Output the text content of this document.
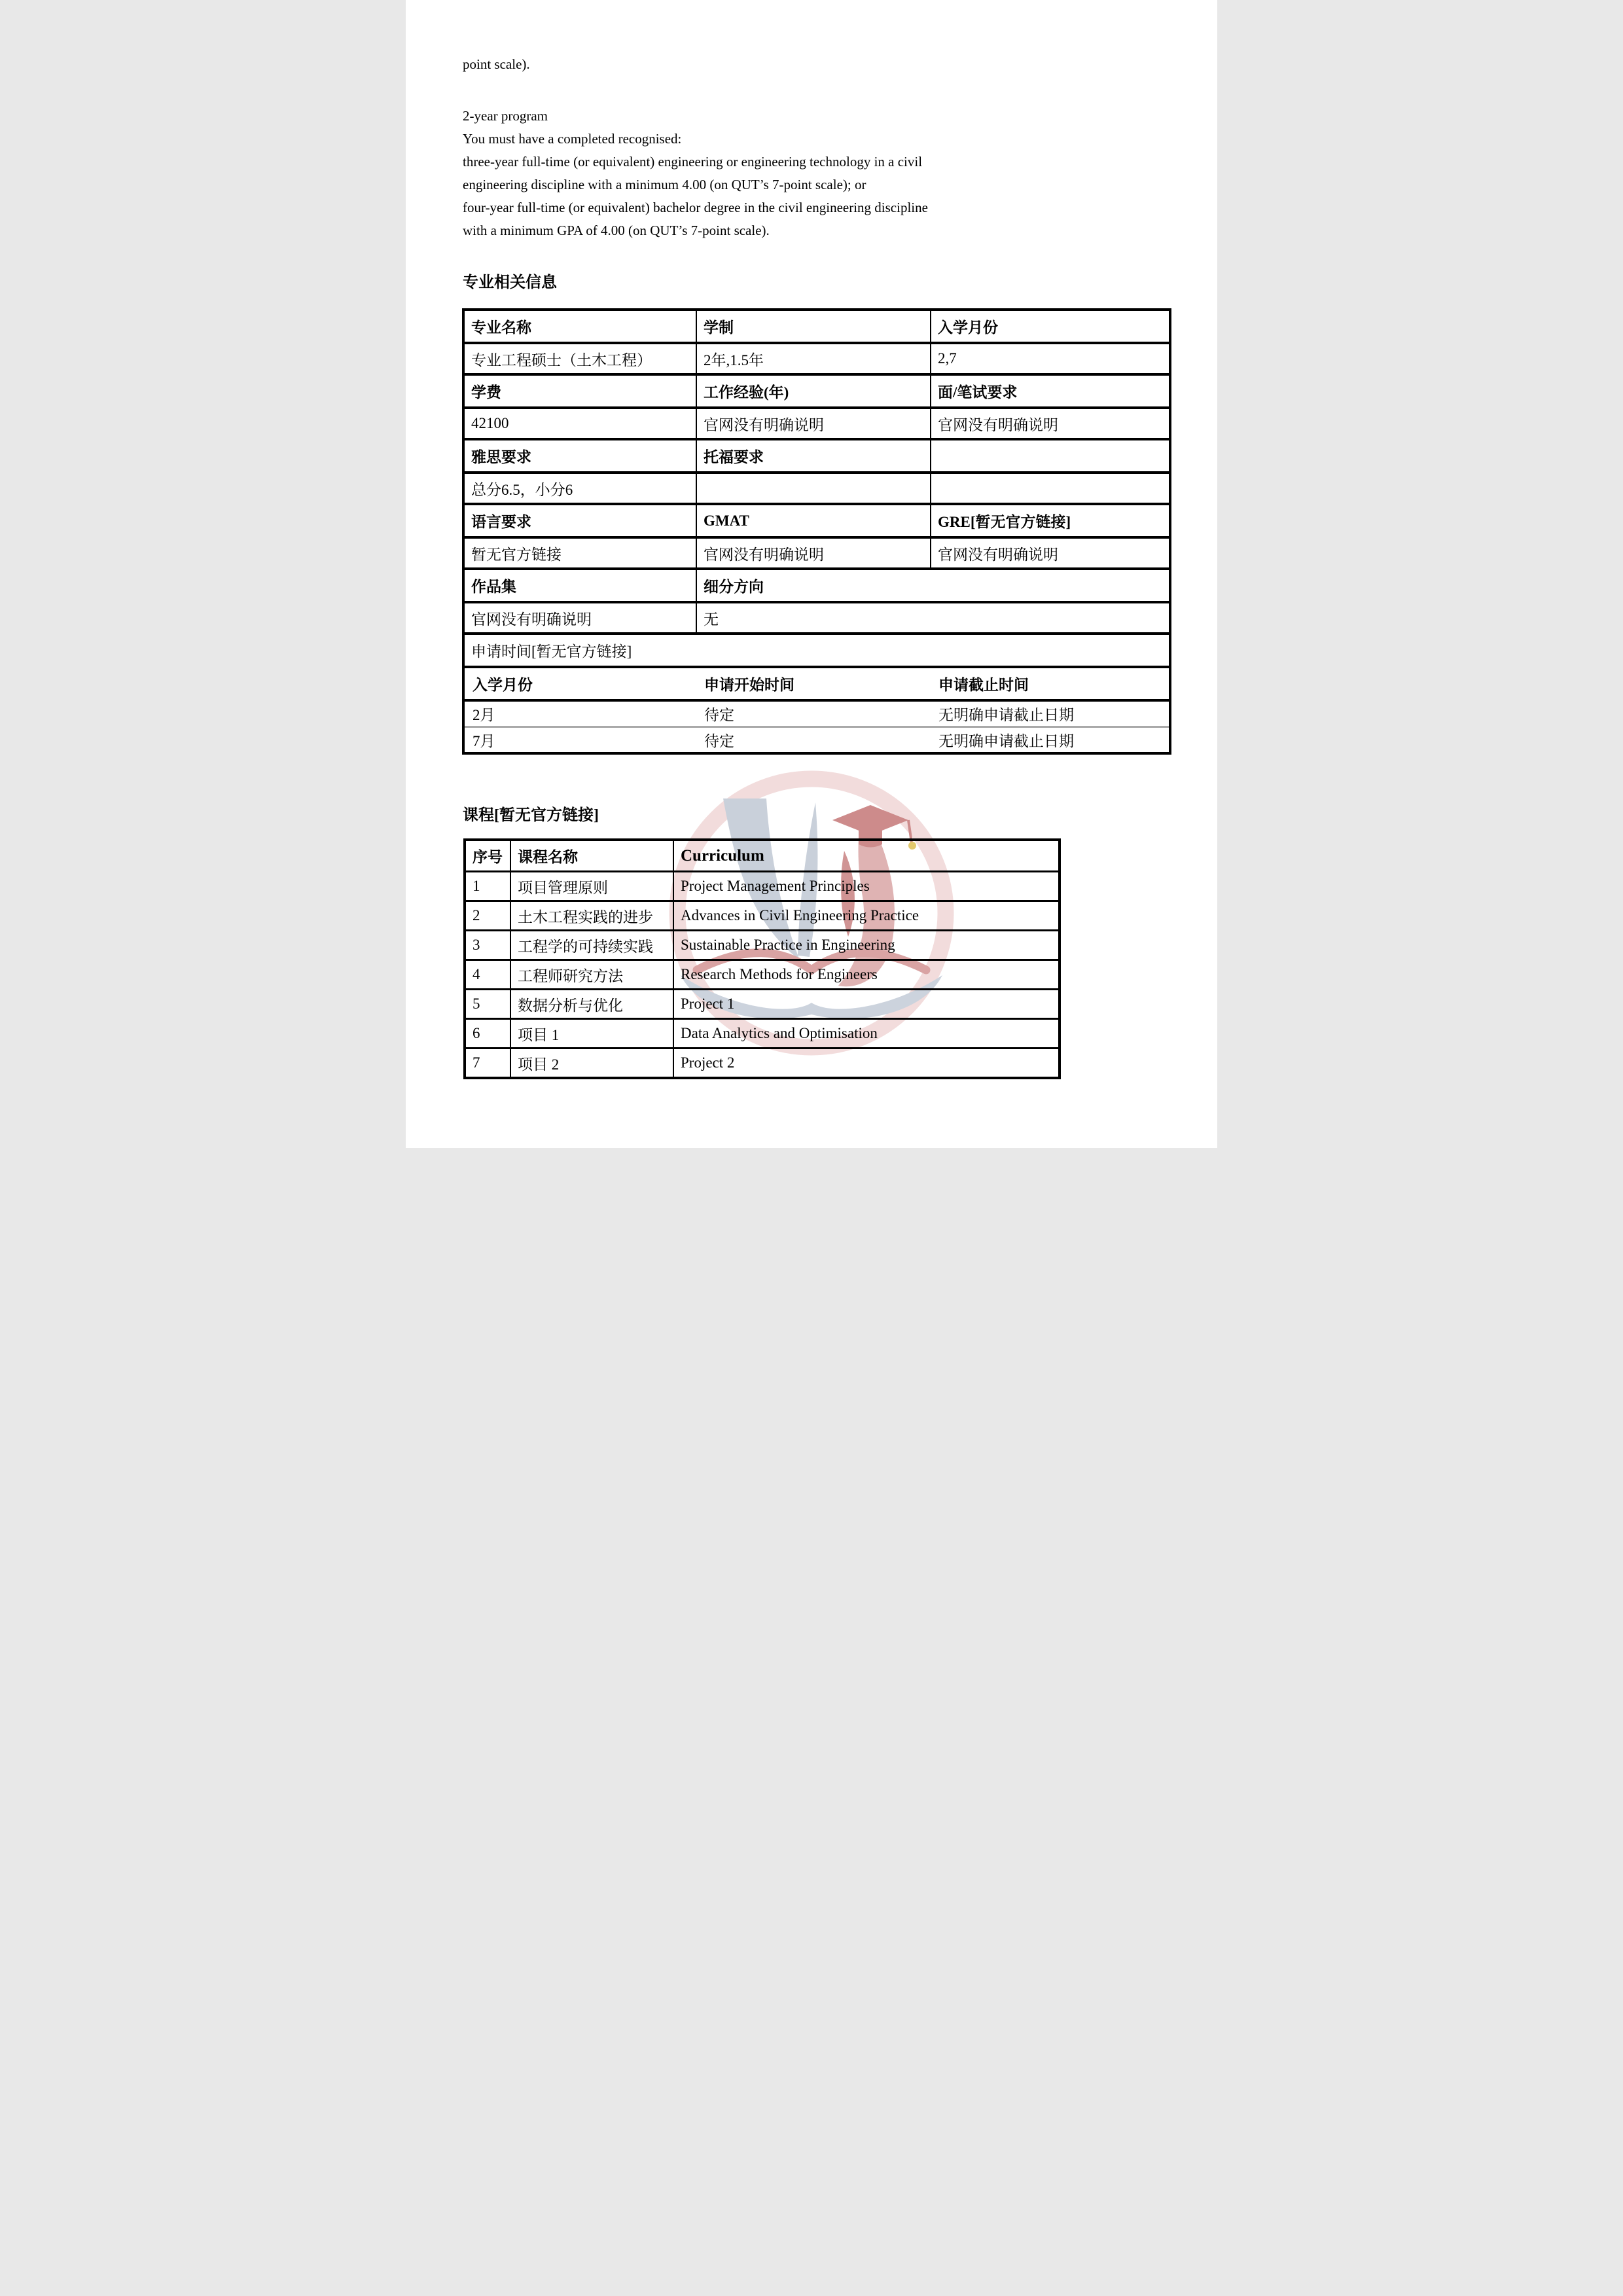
point scale).
2-year program
You must have a completed recognised:
three-year full-time (or equivalent) engineering or engineering technology in a civil
engineering discipline with a minimum 4.00 (on QUT’s 7-point scale); or
four-year full-time (or equivalent) bachelor degree in the civil engineering discipline
with a minimum GPA of 4.00 (on QUT’s 7-point scale).
专业相关信息
专业名称	学制	入学月份
专业工程硕士（土木工程）	2年,1.5年	2,7
学费	工作经验(年)	面/笔试要求
42100	官网没有明确说明	官网没有明确说明
雅思要求	托福要求	
总分6.5，小分6		
语言要求	GMAT	GRE[暂无官方链接]
暂无官方链接	官网没有明确说明	官网没有明确说明
作品集	细分方向	
官网没有明确说明	无	
申请时间[暂无官方链接]		
入学月份	申请开始时间	申请截止时间
2月	待定	无明确申请截止日期
7月	待定	无明确申请截止日期
课程[暂无官方链接]
序号	课程名称	Curriculum
1	项目管理原则	Project Management Principles
2	土木工程实践的进步	Advances in Civil Engineering Practice
3	工程学的可持续实践	Sustainable Practice in Engineering
4	工程师研究方法	Research Methods for Engineers
5	数据分析与优化	Project 1
6	项目 1	Data Analytics and Optimisation
7	项目 2	Project 2
